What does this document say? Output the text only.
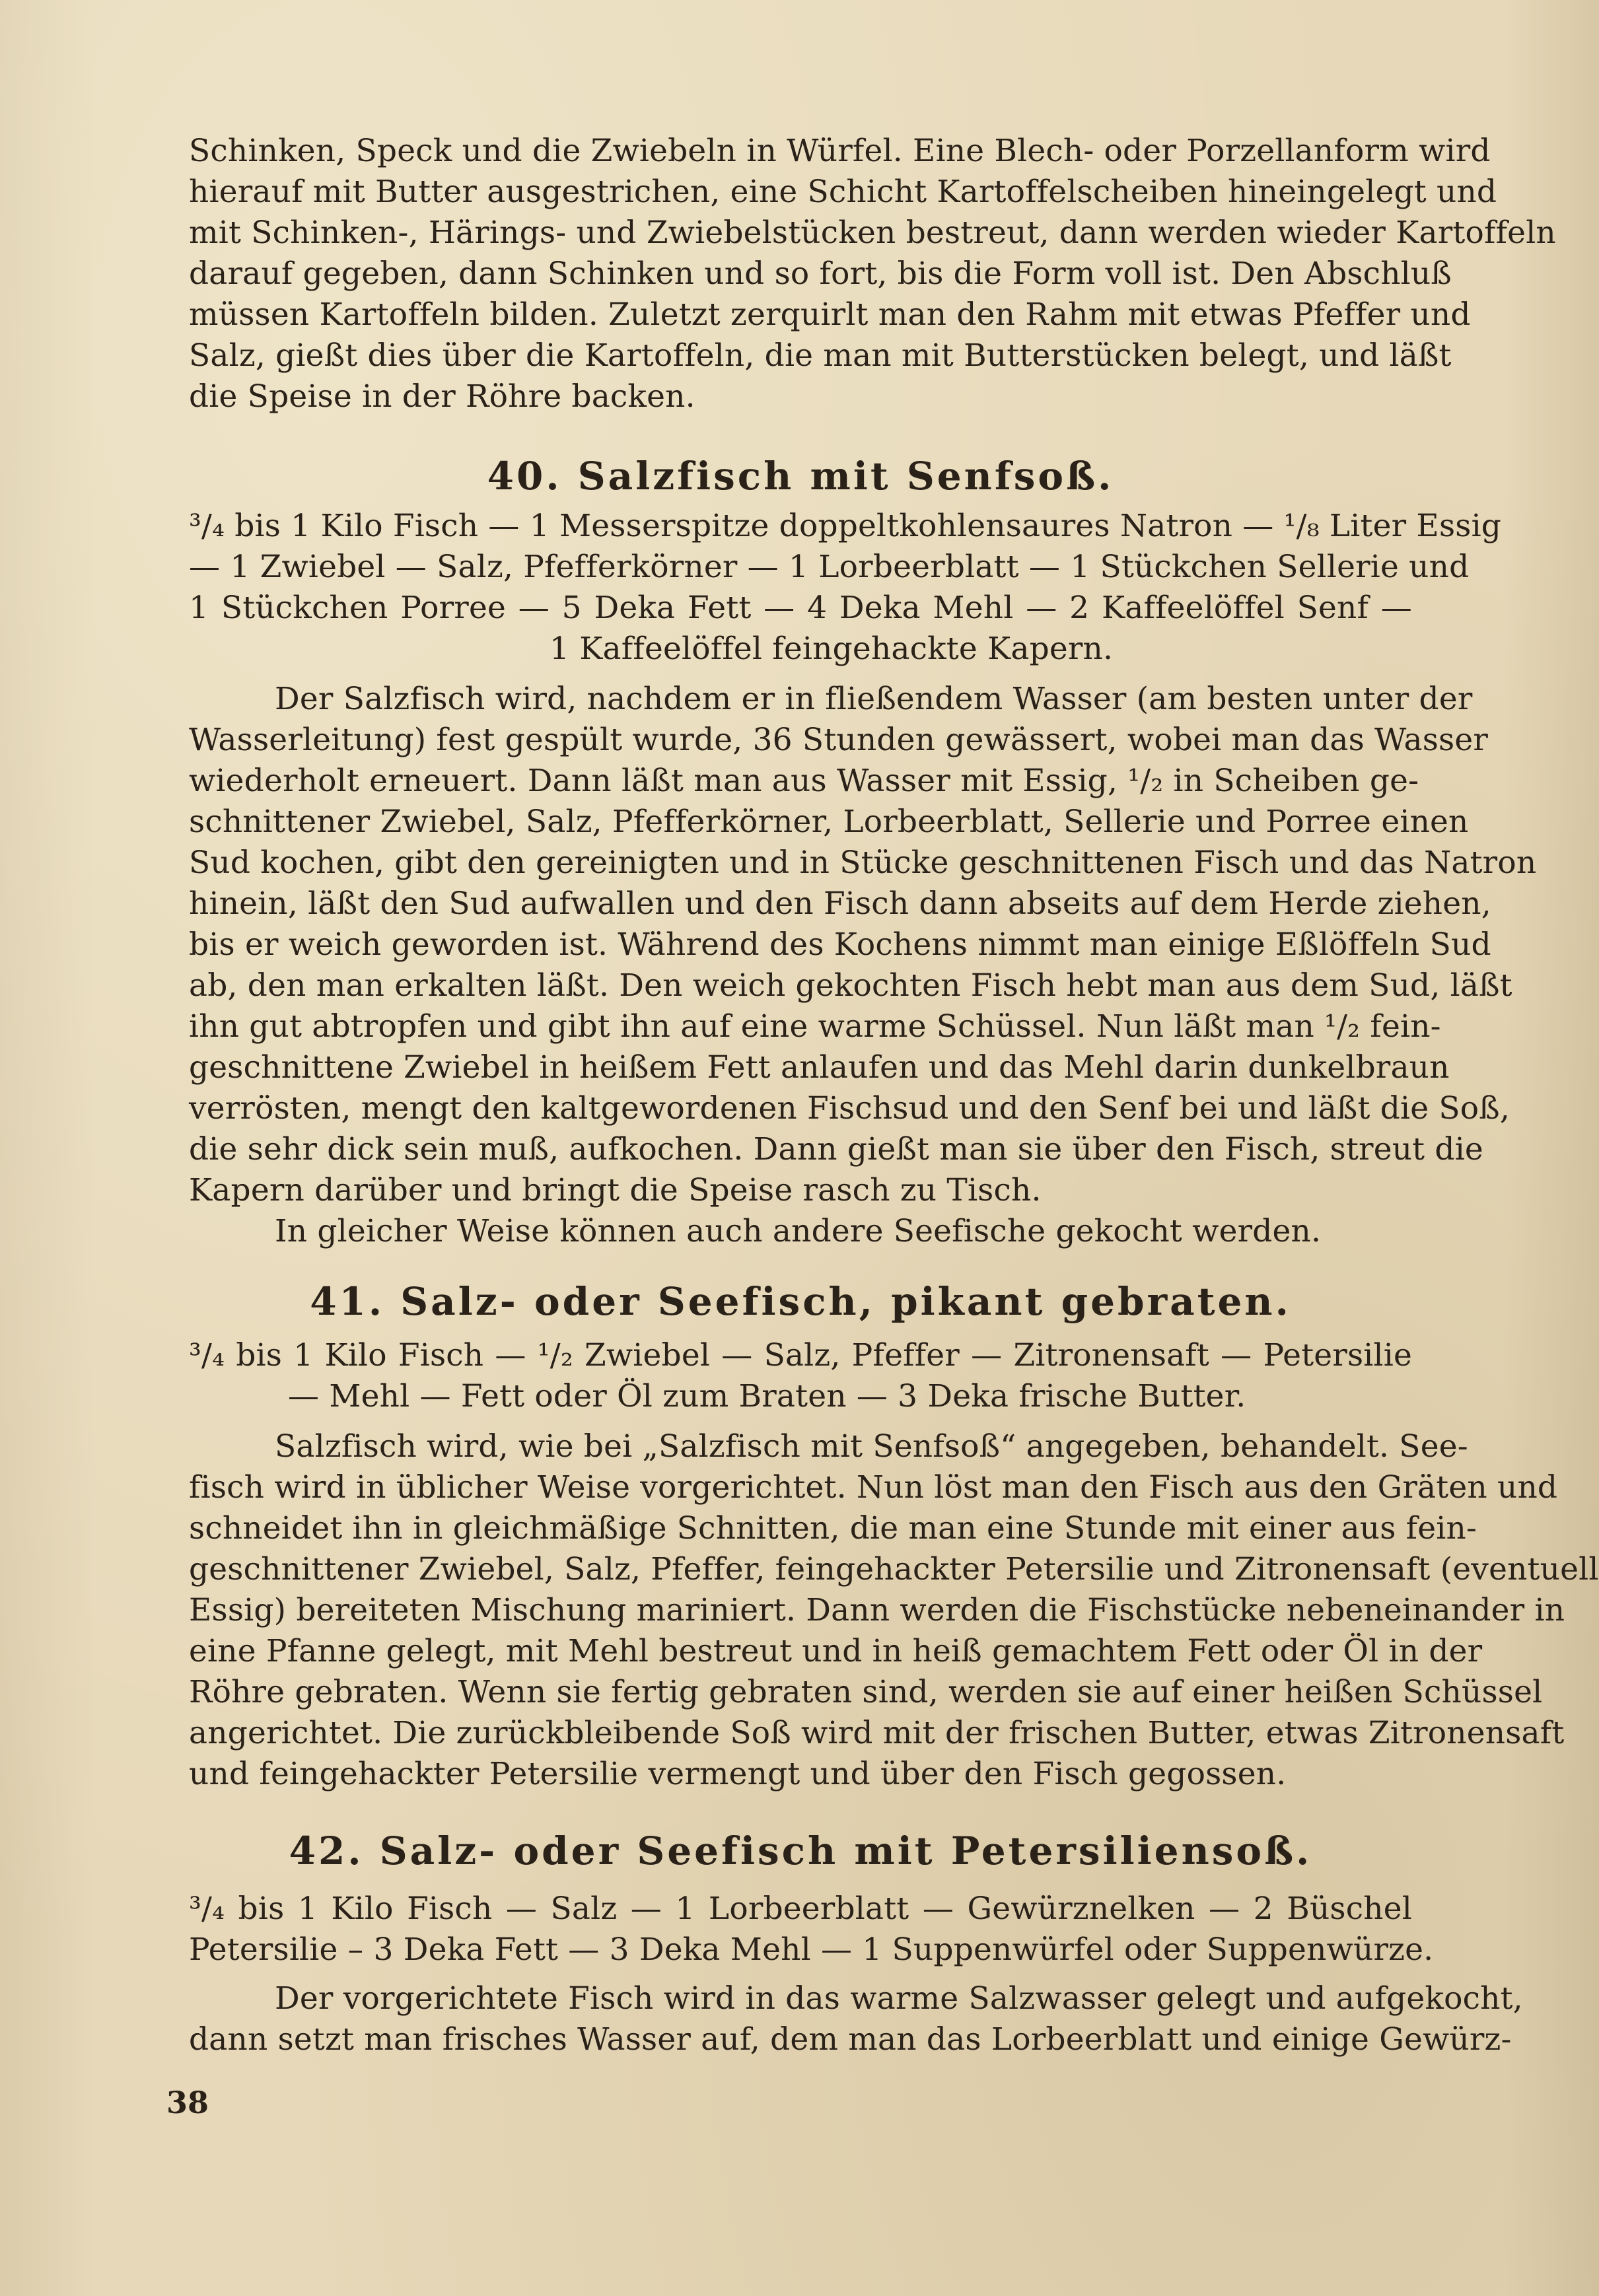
Schinken, Speck und die Zwiebeln in Würfel. Eine Blech- oder Porzellanform wird
hierauf mit Butter ausgestrichen, eine Schicht Kartoffelscheiben hineingelegt und
mit Schinken-, Härings- und Zwiebelstücken bestreut, dann werden wieder Kartoffeln
darauf gegeben, dann Schinken und so fort, bis die Form voll ist. Den Abschluß
müssen Kartoffeln bilden. Zuletzt zerquirlt man den Rahm mit etwas Pfeffer und
Salz, gießt dies über die Kartoffeln, die man mit Butterstücken belegt, und läßt
die Speise in der Röhre backen.
40. Salzfisch mit Senfsoß.
³/₄ bis 1 Kilo Fisch — 1 Messerspitze doppeltkohlensaures Natron — ¹/₈ Liter Essig
— 1 Zwiebel — Salz, Pfefferkörner — 1 Lorbeerblatt — 1 Stückchen Sellerie und
1 Stückchen Porree — 5 Deka Fett — 4 Deka Mehl — 2 Kaffeelöffel Senf —
1 Kaffeelöffel feingehackte Kapern.
Der Salzfisch wird, nachdem er in fließendem Wasser (am besten unter der
Wasserleitung) fest gespült wurde, 36 Stunden gewässert, wobei man das Wasser
wiederholt erneuert. Dann läßt man aus Wasser mit Essig, ¹/₂ in Scheiben ge-
schnittener Zwiebel, Salz, Pfefferkörner, Lorbeerblatt, Sellerie und Porree einen
Sud kochen, gibt den gereinigten und in Stücke geschnittenen Fisch und das Natron
hinein, läßt den Sud aufwallen und den Fisch dann abseits auf dem Herde ziehen,
bis er weich geworden ist. Während des Kochens nimmt man einige Eßlöffeln Sud
ab, den man erkalten läßt. Den weich gekochten Fisch hebt man aus dem Sud, läßt
ihn gut abtropfen und gibt ihn auf eine warme Schüssel. Nun läßt man ¹/₂ fein-
geschnittene Zwiebel in heißem Fett anlaufen und das Mehl darin dunkelbraun
verrösten, mengt den kaltgewordenen Fischsud und den Senf bei und läßt die Soß,
die sehr dick sein muß, aufkochen. Dann gießt man sie über den Fisch, streut die
Kapern darüber und bringt die Speise rasch zu Tisch.
In gleicher Weise können auch andere Seefische gekocht werden.
41. Salz- oder Seefisch, pikant gebraten.
³/₄ bis 1 Kilo Fisch — ¹/₂ Zwiebel — Salz, Pfeffer — Zitronensaft — Petersilie
— Mehl — Fett oder Öl zum Braten — 3 Deka frische Butter.
Salzfisch wird, wie bei „Salzfisch mit Senfsoß“ angegeben, behandelt. See-
fisch wird in üblicher Weise vorgerichtet. Nun löst man den Fisch aus den Gräten und
schneidet ihn in gleichmäßige Schnitten, die man eine Stunde mit einer aus fein-
geschnittener Zwiebel, Salz, Pfeffer, feingehackter Petersilie und Zitronensaft (eventuell
Essig) bereiteten Mischung mariniert. Dann werden die Fischstücke nebeneinander in
eine Pfanne gelegt, mit Mehl bestreut und in heiß gemachtem Fett oder Öl in der
Röhre gebraten. Wenn sie fertig gebraten sind, werden sie auf einer heißen Schüssel
angerichtet. Die zurückbleibende Soß wird mit der frischen Butter, etwas Zitronensaft
und feingehackter Petersilie vermengt und über den Fisch gegossen.
42. Salz- oder Seefisch mit Petersiliensoß.
³/₄ bis 1 Kilo Fisch — Salz — 1 Lorbeerblatt — Gewürznelken — 2 Büschel
Petersilie – 3 Deka Fett — 3 Deka Mehl — 1 Suppenwürfel oder Suppenwürze.
Der vorgerichtete Fisch wird in das warme Salzwasser gelegt und aufgekocht,
dann setzt man frisches Wasser auf, dem man das Lorbeerblatt und einige Gewürz-
38
